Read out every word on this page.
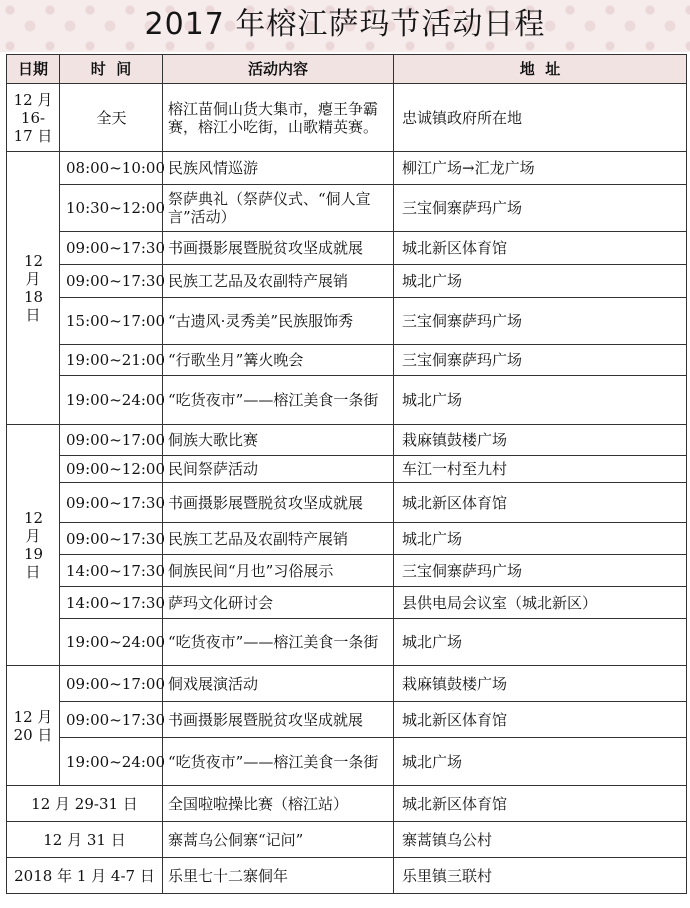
2017 年榕江萨玛节活动日程
日期	时  间	活动内容	地  址
12 月 16-17 日	全天	榕江苗侗山货大集市，瘪王争霸赛，榕江小吃街，山歌精英赛。	忠诚镇政府所在地
12 月 18 日	08:00~10:00	民族风情巡游	柳江广场→汇龙广场
	10:30~12:00	祭萨典礼（祭萨仪式、“侗人宣言”活动）	三宝侗寨萨玛广场
	09:00~17:30	书画摄影展暨脱贫攻坚成就展	城北新区体育馆
	09:00~17:30	民族工艺品及农副特产展销	城北广场
	15:00~17:00	“古遗风·灵秀美”民族服饰秀	三宝侗寨萨玛广场
	19:00~21:00	“行歌坐月”篝火晚会	三宝侗寨萨玛广场
	19:00~24:00	“吃货夜市”——榕江美食一条街	城北广场
12 月 19 日	09:00~17:00	侗族大歌比赛	栽麻镇鼓楼广场
	09:00~12:00	民间祭萨活动	车江一村至九村
	09:00~17:30	书画摄影展暨脱贫攻坚成就展	城北新区体育馆
	09:00~17:30	民族工艺品及农副特产展销	城北广场
	14:00~17:30	侗族民间“月也”习俗展示	三宝侗寨萨玛广场
	14:00~17:30	萨玛文化研讨会	县供电局会议室（城北新区）
	19:00~24:00	“吃货夜市”——榕江美食一条街	城北广场
12 月 20 日	09:00~17:00	侗戏展演活动	栽麻镇鼓楼广场
	09:00~17:30	书画摄影展暨脱贫攻坚成就展	城北新区体育馆
	19:00~24:00	“吃货夜市”——榕江美食一条街	城北广场
12 月 29-31 日		全国啦啦操比赛（榕江站）	城北新区体育馆
12 月 31 日		寨蒿乌公侗寨“记问”	寨蒿镇乌公村
2018 年 1 月 4-7 日		乐里七十二寨侗年	乐里镇三联村
